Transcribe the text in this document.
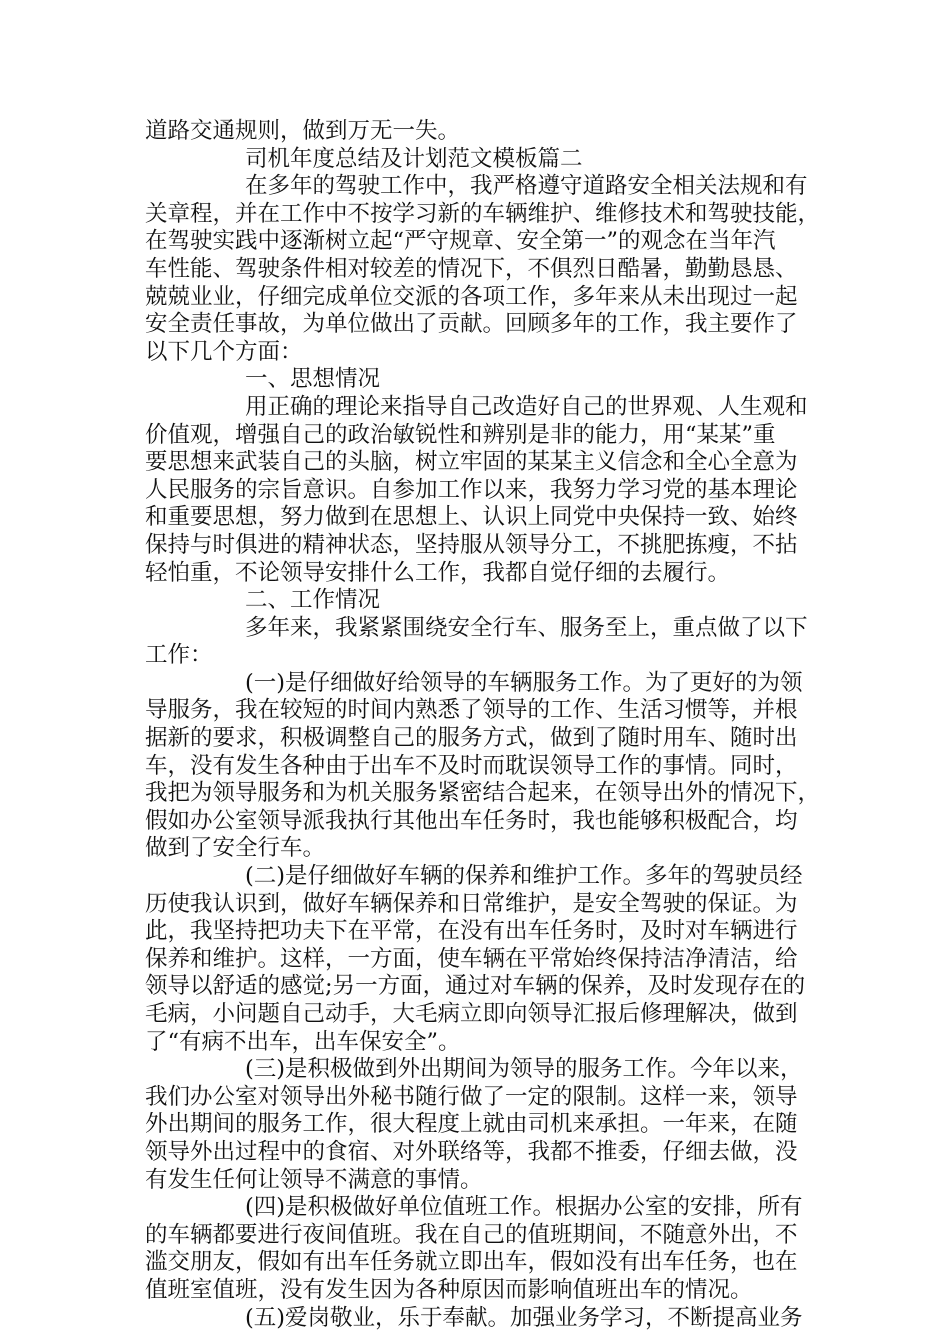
道路交通规则，做到万无一失。
司机年度总结及计划范文模板篇二
在多年的驾驶工作中，我严格遵守道路安全相关法规和有
关章程，并在工作中不按学习新的车辆维护、维修技术和驾驶技能，
在驾驶实践中逐渐树立起“严守规章、安全第一”的观念在当年汽
车性能、驾驶条件相对较差的情况下，不俱烈日酷暑，勤勤恳恳、
兢兢业业，仔细完成单位交派的各项工作，多年来从未出现过一起
安全责任事故，为单位做出了贡献。回顾多年的工作，我主要作了
以下几个方面：
一、思想情况
用正确的理论来指导自己改造好自己的世界观、人生观和
价值观，增强自己的政治敏锐性和辨别是非的能力，用“某某”重
要思想来武装自己的头脑，树立牢固的某某主义信念和全心全意为
人民服务的宗旨意识。自参加工作以来，我努力学习党的基本理论
和重要思想，努力做到在思想上、认识上同党中央保持一致、始终
保持与时俱进的精神状态，坚持服从领导分工，不挑肥拣瘦，不拈
轻怕重，不论领导安排什么工作，我都自觉仔细的去履行。
二、工作情况
多年来，我紧紧围绕安全行车、服务至上，重点做了以下
工作：
(一)是仔细做好给领导的车辆服务工作。为了更好的为领
导服务，我在较短的时间内熟悉了领导的工作、生活习惯等，并根
据新的要求，积极调整自己的服务方式，做到了随时用车、随时出
车，没有发生各种由于出车不及时而耽误领导工作的事情。同时，
我把为领导服务和为机关服务紧密结合起来，在领导出外的情况下，
假如办公室领导派我执行其他出车任务时，我也能够积极配合，均
做到了安全行车。
(二)是仔细做好车辆的保养和维护工作。多年的驾驶员经
历使我认识到，做好车辆保养和日常维护，是安全驾驶的保证。为
此，我坚持把功夫下在平常，在没有出车任务时，及时对车辆进行
保养和维护。这样，一方面，使车辆在平常始终保持洁净清洁，给
领导以舒适的感觉;另一方面，通过对车辆的保养，及时发现存在的
毛病，小问题自己动手，大毛病立即向领导汇报后修理解决，做到
了“有病不出车，出车保安全”。
(三)是积极做到外出期间为领导的服务工作。今年以来，
我们办公室对领导出外秘书随行做了一定的限制。这样一来，领导
外出期间的服务工作，很大程度上就由司机来承担。一年来，在随
领导外出过程中的食宿、对外联络等，我都不推委，仔细去做，没
有发生任何让领导不满意的事情。
(四)是积极做好单位值班工作。根据办公室的安排，所有
的车辆都要进行夜间值班。我在自己的值班期间，不随意外出，不
滥交朋友，假如有出车任务就立即出车，假如没有出车任务，也在
值班室值班，没有发生因为各种原因而影响值班出车的情况。
(五)爱岗敬业，乐于奉献。加强业务学习，不断提高业务
